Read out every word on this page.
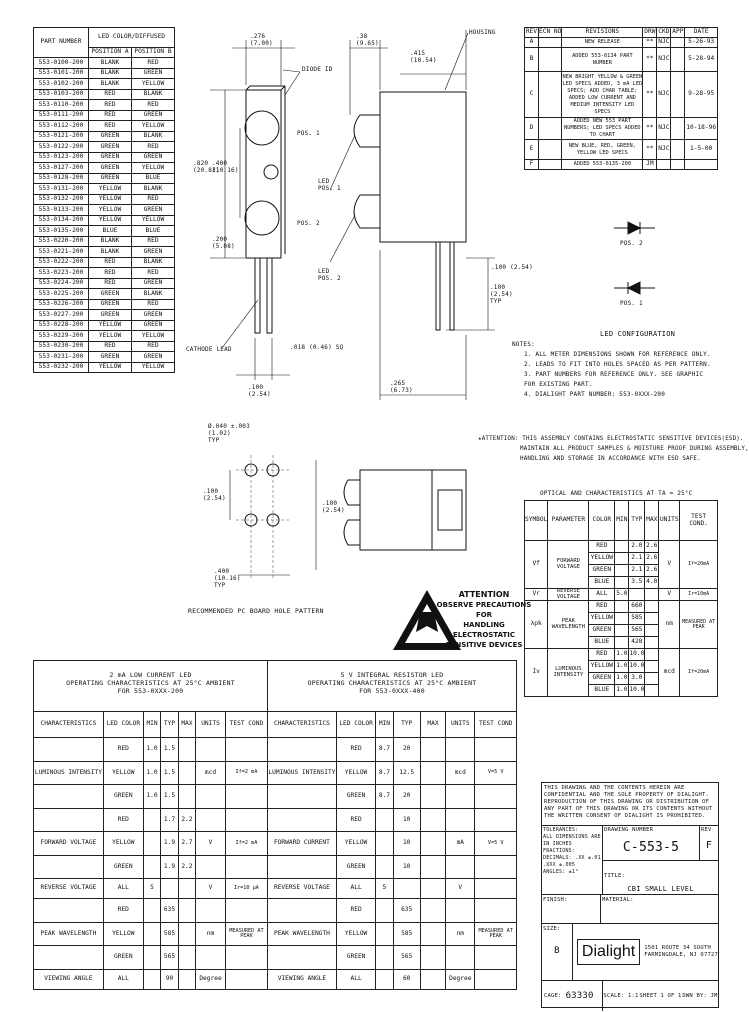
PART NUMBER	LED COLOR/DIFFUSED	
	POSITION A	POSITION B
553-0100-200	BLANK	RED
553-0101-200	BLANK	GREEN
553-0102-200	BLANK	YELLOW
553-0103-200	RED	BLANK
553-0110-200	RED	RED
553-0111-200	RED	GREEN
553-0112-200	RED	YELLOW
553-0121-200	GREEN	BLANK
553-0122-200	GREEN	RED
553-0123-200	GREEN	GREEN
553-0127-200	GREEN	YELLOW
553-0128-200	GREEN	BLUE
553-0131-200	YELLOW	BLANK
553-0132-200	YELLOW	RED
553-0133-200	YELLOW	GREEN
553-0134-200	YELLOW	YELLOW
553-0135-200	BLUE	BLUE
553-0220-200	BLANK	RED
553-0221-200	BLANK	GREEN
553-0222-200	RED	BLANK
553-0223-200	RED	RED
553-0224-200	RED	GREEN
553-0225-200	GREEN	BLANK
553-0226-200	GREEN	RED
553-0227-200	GREEN	GREEN
553-0228-200	YELLOW	GREEN
553-0229-200	YELLOW	YELLOW
553-0230-200	RED	RED
553-0231-200	GREEN	GREEN
553-0232-200	YELLOW	YELLOW
REV	ECN NO	REVISIONS	DRW	CKD	APP	DATE
A		NEW RELEASE	**	NJC		5-26-93
B		ADDED 553-0134 PART NUMBER	**	NJC		5-28-94
C		NEW BRIGHT YELLOW & GREEN LED SPECS ADDED, 3 mA LED SPECS; ADD CHAR TABLE; ADDED LOW CURRENT AND MEDIUM INTENSITY LED SPECS	**	NJC		9-28-95
D		ADDED NEW 553 PART NUMBERS; LED SPECS ADDED TO CHART	**	NJC		10-18-96
E		NEW BLUE, RED, GREEN, YELLOW LED SPECS	**	NJC		1-5-00
F		ADDED 553-0135-200	JM			
.276
(7.00)
.38
(9.65)
.415
(10.54)
DIODE ID
HOUSING
.820
(20.83)
.400
(10.16)
.200
(5.08)
POS. 1
POS. 2
LED
POS. 1
LED
POS. 2
CATHODE LEAD	.018 (0.46) SQ
.100
(2.54)
.265
(6.73)
.100
(2.54)
TYP
.100 (2.54)
Ø.040 ±.003
(1.02)
TYP
.100
(2.54)
.400
(10.16)
TYP
.100
(2.54)
RECOMMENDED PC BOARD HOLE PATTERN
POS. 2
POS. 1
LED CONFIGURATION
NOTES:
1. ALL METER DIMENSIONS SHOWN FOR REFERENCE ONLY.
2. LEADS TO FIT INTO HOLES SPACED AS PER PATTERN.
3. PART NUMBERS FOR REFERENCE ONLY. SEE GRAPHIC FOR EXISTING PART.
4. DIALIGHT PART NUMBER: 553-0XXX-200
★ATTENTION: THIS ASSEMBLY CONTAINS ELECTROSTATIC SENSITIVE DEVICES(ESD).
MAINTAIN ALL PRODUCT SAMPLES & MOISTURE PROOF DURING ASSEMBLY,
HANDLING AND STORAGE IN ACCORDANCE WITH ESD SAFE.
ATTENTION
OBSERVE PRECAUTIONS FOR
HANDLING ELECTROSTATIC
SENSITIVE DEVICES
OPTICAL AND CHARACTERISTICS AT TA = 25°C
SYMBOL	PARAMETER	COLOR	MIN	TYP	MAX	UNITS	TEST COND.
Vf	FORWARD VOLTAGE	RED		2.0	2.6	V	If=20mA
		YELLOW		2.1	2.6		
		GREEN		2.1	2.6		
		BLUE		3.5	4.0		
Vr	REVERSE VOLTAGE	ALL	5.0			V	Ir=10mA
λpk	PEAK WAVELENGTH	RED		660		nm	MEASURED AT PEAK
		YELLOW		585			
		GREEN		565			
		BLUE		428			
Iv	LUMINOUS INTENSITY	RED	1.0	10.0		mcd	If=20mA
		YELLOW	1.0	10.0			
		GREEN	1.0	3.0			
		BLUE	1.0	10.0			
2 mA LOW CURRENT LED
OPERATING CHARACTERISTICS AT 25°C AMBIENT
FOR 553-0XXX-200
CHARACTERISTICS	LED COLOR	MIN	TYP	MAX	UNITS	TEST COND
	RED	1.0	1.5			
LUMINOUS INTENSITY	YELLOW	1.0	1.5		mcd	If=2 mA
	GREEN	1.0	1.5			
	RED		1.7	2.2		
FORWARD VOLTAGE	YELLOW		1.9	2.7	V	If=2 mA
	GREEN		1.9	2.2		
REVERSE VOLTAGE	ALL	5			V	Ir=10 µA
	RED		635			
PEAK WAVELENGTH	YELLOW		585		nm	MEASURED AT PEAK
	GREEN		565			
VIEWING ANGLE	ALL		90		Degree	
5 V INTEGRAL RESISTOR LED
OPERATING CHARACTERISTICS AT 25°C AMBIENT
FOR 553-0XXX-400
CHARACTERISTICS	LED COLOR	MIN	TYP	MAX	UNITS	TEST COND
	RED	8.7	20			
LUMINOUS INTENSITY	YELLOW	8.7	12.5		mcd	V=5 V
	GREEN	8.7	20			
	RED		10			
FORWARD CURRENT	YELLOW		10		mA	V=5 V
	GREEN		10			
REVERSE VOLTAGE	ALL	5			V	
	RED		635			
PEAK WAVELENGTH	YELLOW		585		nm	MEASURED AT PEAK
	GREEN		565			
VIEWING ANGLE	ALL		60		Degree	
THIS DRAWING AND THE CONTENTS HEREIN ARE CONFIDENTIAL AND THE SOLE PROPERTY OF DIALIGHT. REPRODUCTION OF THIS DRAWING OR DISTRIBUTION OF ANY PART OF THIS DRAWING OR ITS CONTENTS WITHOUT THE WRITTEN CONSENT OF DIALIGHT IS PROHIBITED.
TOLERANCES:
ALL DIMENSIONS ARE IN INCHES
FRACTIONS:
DECIMALS: .XX ±.01
.XXX ±.005
ANGLES: ±1°
DRAWING NUMBER
C-553-5
REV
F
TITLE:
CBI SMALL LEVEL
FINISH:	MATERIAL:
SIZE:
B	Dialight	1501 ROUTE 34 SOUTH
FARMINGDALE, NJ 07727
CAGE: 63330 SCALE: 1:1 SHEET 1 OF 1 DWN BY: JM
